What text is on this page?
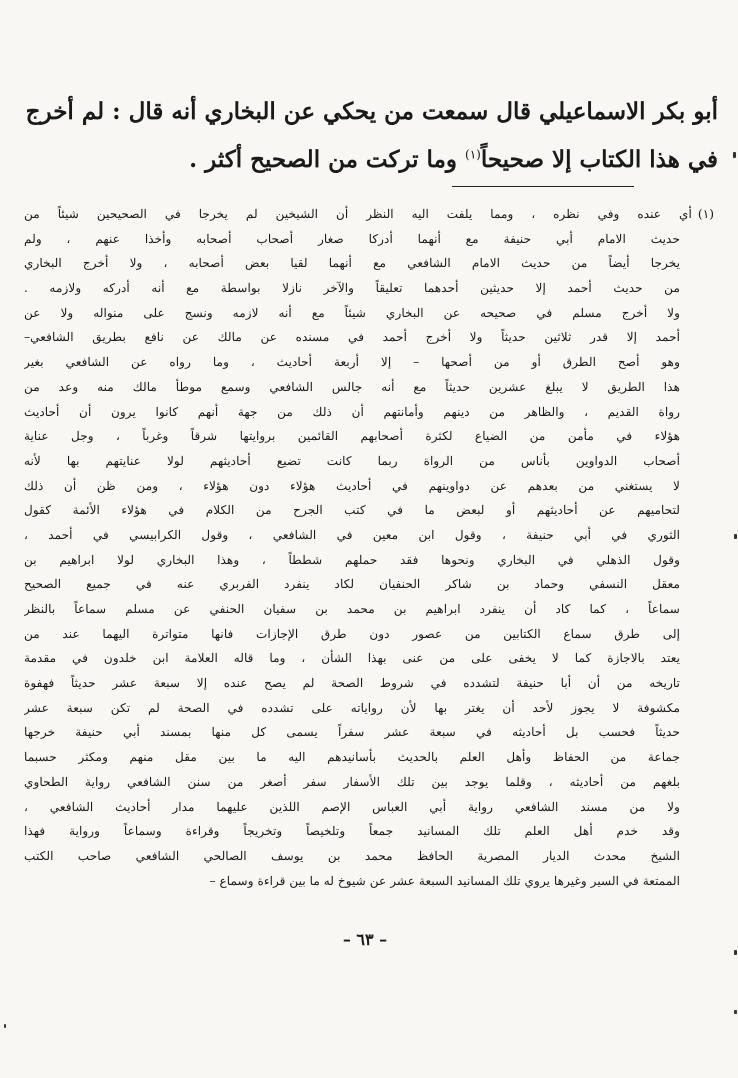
أبو بكر الاسماعيلي قال سمعت من يحكي عن البخاري أنه قال : لم أخرج
في هذا الكتاب إلا صحيحاً$^{(١)}$ وما تركت من الصحيح أكثر .
(١)أي عنده وفي نظره ، ومما يلفت اليه النظر أن الشيخين لم يخرجا في الصحيحين شيئاً من
حديث الامام أبي حنيفة مع أنهما أدركا صغار أصحاب أصحابه وأخذا عنهم ، ولم
يخرجا أيضاً من حديث الامام الشافعي مع أنهما لقيا بعض أصحابه ، ولا أخرج البخاري
من حديث أحمد إلا حديثين أحدهما تعليقاً والآخر نازلا بواسطة مع أنه أدركه ولازمه .
ولا أخرج مسلم في صحيحه عن البخاري شيئاً مع أنه لازمه ونسج على منواله ولا عن
أحمد إلا قدر ثلاثين حديثاً ولا أخرج أحمد في مسنده عن مالك عن نافع بطريق الشافعي–
وهو أصح الطرق أو من أصحها – إلا أربعة أحاديث ، وما رواه عن الشافعي بغير
هذا الطريق لا يبلغ عشرين حديثاً مع أنه جالس الشافعي وسمع موطأ مالك منه وعد من
رواة القديم ، والظاهر من دينهم وأمانتهم أن ذلك من جهة أنهم كانوا يرون أن أحاديث
هؤلاء في مأمن من الضياع لكثرة أصحابهم القائمين بروايتها شرقاً وغرباً ، وجل عناية
أصحاب الدواوين بأناس من الرواة ربما كانت تضيع أحاديثهم لولا عنايتهم بها لأنه
لا يستغني من بعدهم عن دواوينهم في أحاديث هؤلاء دون هؤلاء ، ومن ظن أن ذلك
لتحاميهم عن أحاديثهم أو لبعض ما في كتب الجرح من الكلام في هؤلاء الأئمة كقول
الثوري في أبي حنيفة ، وقول ابن معين في الشافعي ، وقول الكرابيسي في أحمد ،
وقول الذهلي في البخاري ونحوها فقد حملهم شططاً ، وهذا البخاري لولا ابراهيم بن
معقل النسفي وحماد بن شاكر الحنفيان لكاد ينفرد الفربري عنه في جميع الصحيح
سماعاً ، كما كاد أن ينفرد ابراهيم بن محمد بن سفيان الحنفي عن مسلم سماعاً بالنظر
إلى طرق سماع الكتابين من عصور دون طرق الإجازات فانها متواترة اليهما عند من
يعتد بالاجازة كما لا يخفى على من عنى بهذا الشأن ، وما قاله العلامة ابن خلدون في مقدمة
تاريخه من أن أبا حنيفة لتشدده في شروط الصحة لم يصح عنده إلا سبعة عشر حديثاً فهفوة
مكشوفة لا يجوز لأحد أن يغتر بها لأن رواياته على تشدده في الصحة لم تكن سبعة عشر
حديثاً فحسب بل أحاديثه في سبعة عشر سفراً يسمى كل منها بمسند أبي حنيفة خرجها
جماعة من الحفاظ وأهل العلم بالحديث بأسانيدهم اليه ما بين مقل منهم ومكثر حسبما
بلغهم من أحاديثه ، وقلما يوجد بين تلك الأسفار سفر أصغر من سنن الشافعي رواية الطحاوي
ولا من مسند الشافعي رواية أبي العباس الإصم اللذين عليهما مدار أحاديث الشافعي ،
وقد خدم أهل العلم تلك المسانيد جمعاً وتلخيصاً وتخريجاً وقراءة وسماعاً ورواية فهذا
الشيخ محدث الديار المصرية الحافظ محمد بن يوسف الصالحي الشافعي صاحب الكتب
الممتعة في السير وغيرها يروي تلك المسانيد السبعة عشر عن شيوخ له ما بين قراءة وسماع –
– ٦٣ –
